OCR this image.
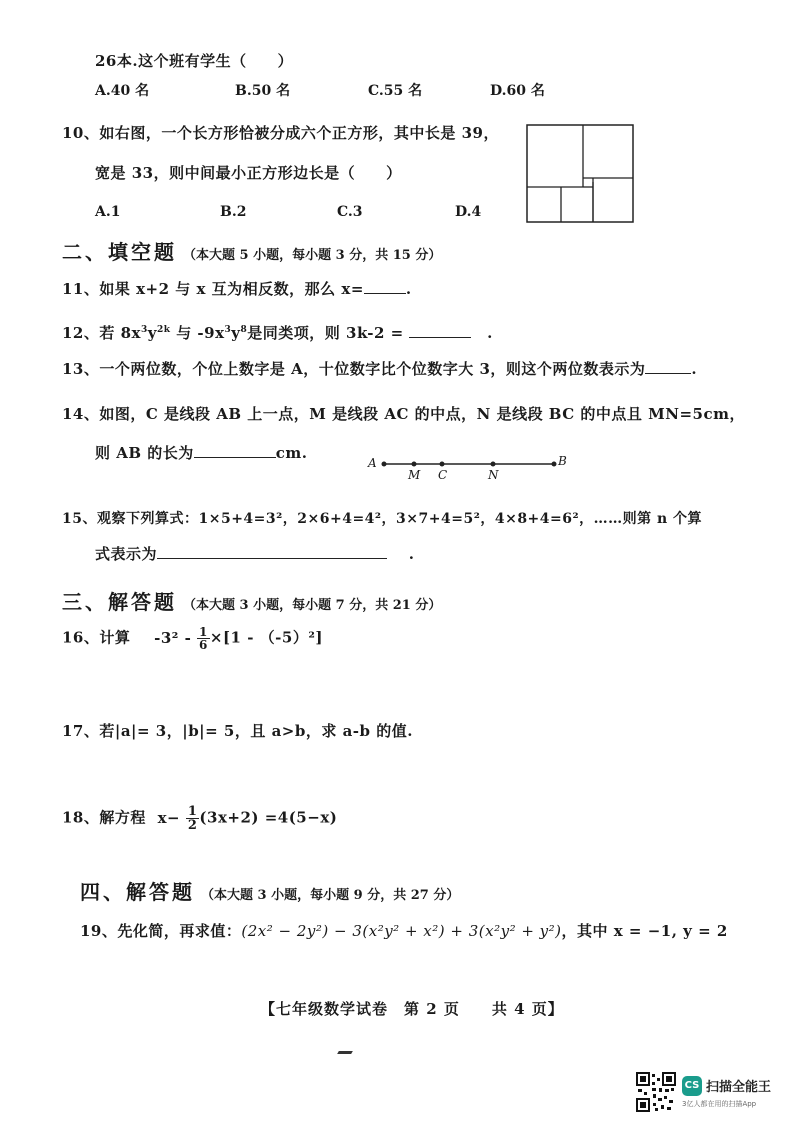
26本.这个班有学生（　　）
A.40 名	B.50 名	C.55 名	D.60 名
10、如右图，一个长方形恰被分成六个正方形，其中长是 39，
宽是 33，则中间最小正方形边长是（　　）
A.1	B.2	C.3	D.4
二、填空题 （本大题 5 小题，每小题 3 分，共 15 分）
11、如果 x+2 与 x 互为相反数，那么 x=	.
12、若 $8x^3y^{2k}$ 与 $-9x^3y^8$是同类项，则 3k-2 =	.
13、一个两位数，个位上数字是 A，十位数字比个位数字大 3，则这个两位数表示为	.
14、如图，C 是线段 AB 上一点，M 是线段 AC 的中点，N 是线段 BC 的中点且 MN=5cm，
则 AB 的长为	cm.
A
M C	N
B
15、观察下列算式：1×5+4=3²，2×6+4=4²，3×7+4=5²，4×8+4=6²，……则第 n 个算
式表示为	.
三、解答题 （本大题 3 小题，每小题 7 分，共 21 分）
16、计算 $-3^2 - \frac{1}{6} \times[1 - (-5)^2]$
17、若|a|= 3，|b|= 5，且 a>b，求 a-b 的值.
18、解方程 $x- \frac{1}{2} (3x+2) =4(5-x)$
四、解答题 （本大题 3 小题，每小题 9 分，共 27 分）
19、先化简，再求值：(2x² − 2y²) − 3(x²y² + x²) + 3(x²y² + y²)，其中 x = −1, y = 2
【七年级数学试卷　第 2 页　　共 4 页】
CS 扫描全能王
3亿人都在用的扫描App
